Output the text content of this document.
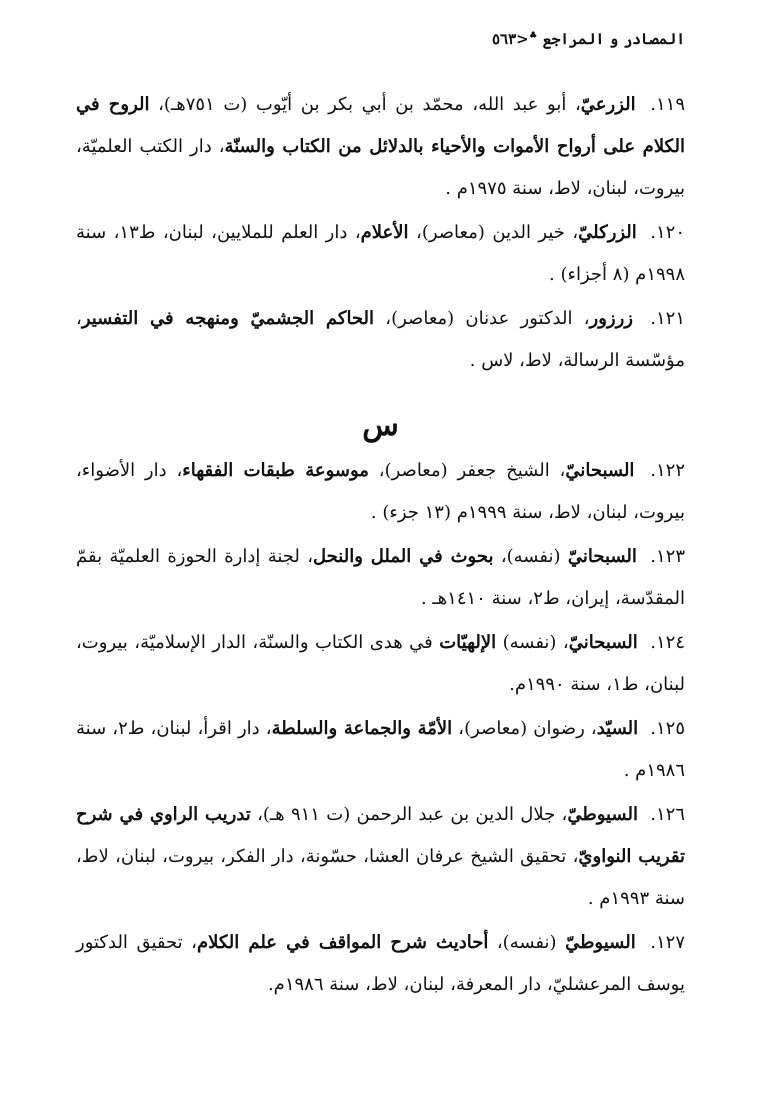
المصادر و المراجع ؞<٥٦٣

١١٩. الزرعيّ، أبو عبد الله، محمّد بن أبي بكر بن أيّوب (ت ٧٥١هـ)، الروح في الكلام على أرواح الأموات والأحياء بالدلائل من الكتاب والسنّة، دار الكتب العلميّة، بيروت، لبنان، لاط، سنة ١٩٧٥م .

١٢٠. الزركليّ، خير الدين (معاصر)، الأعلام، دار العلم للملايين، لبنان، ط١٣، سنة ١٩٩٨م (٨ أجزاء) .

١٢١. زرزور، الدكتور عدنان (معاصر)، الحاكم الجشميّ ومنهجه في التفسير، مؤسّسة الرسالة، لاط، لاس .

س

١٢٢. السبحانيّ، الشيخ جعفر (معاصر)، موسوعة طبقات الفقهاء، دار الأضواء، بيروت، لبنان، لاط، سنة ١٩٩٩م (١٣ جزء) .

١٢٣. السبحانيّ (نفسه)، بحوث في الملل والنحل، لجنة إدارة الحوزة العلميّة بقمّ المقدّسة، إيران، ط٢، سنة ١٤١٠هـ .

١٢٤. السبحانيّ، (نفسه) الإلهيّات في هدى الكتاب والسنّة، الدار الإسلاميّة، بيروت، لبنان، ط١، سنة ١٩٩٠م.

١٢٥. السيّد، رضوان (معاصر)، الأمّة والجماعة والسلطة، دار اقرأ، لبنان، ط٢، سنة ١٩٨٦م .

١٢٦. السيوطيّ، جلال الدين بن عبد الرحمن (ت ٩١١ هـ)، تدريب الراوي في شرح تقريب النواويّ، تحقيق الشيخ عرفان العشا، حسّونة، دار الفكر، بيروت، لبنان، لاط، سنة ١٩٩٣م .

١٢٧. السيوطيّ (نفسه)، أحاديث شرح المواقف في علم الكلام، تحقيق الدكتور يوسف المرعشليّ، دار المعرفة، لبنان، لاط، سنة ١٩٨٦م.
